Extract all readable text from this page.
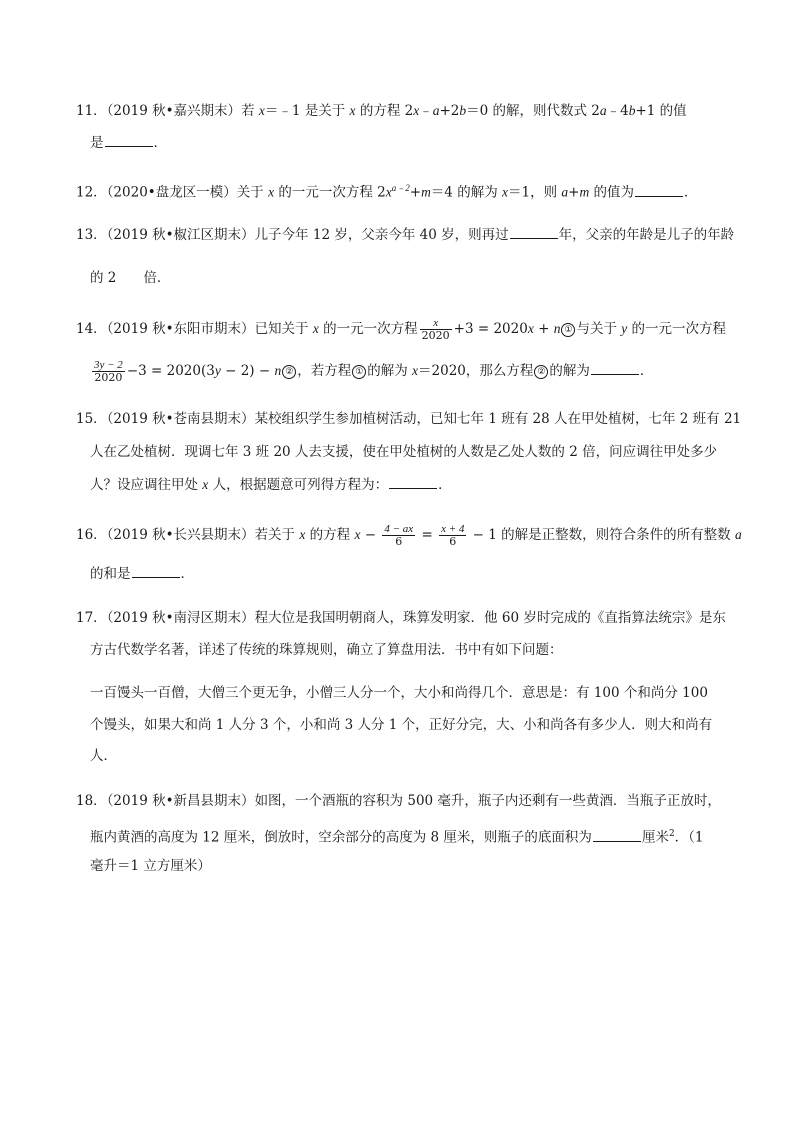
11．（2019 秋•嘉兴期末）若 x＝﹣1 是关于 x 的方程 2x﹣a+2b＝0 的解，则代数式 2a﹣4b+1 的值
是	．
12．（2020•盘龙区一模）关于 x 的一元一次方程 $2x^{a﹣2}+m=4$ 的解为 x＝1，则 a+m 的值为	．
13．（2019 秋•椒江区期末）儿子今年 12 岁，父亲今年 40 岁，则再过	年，父亲的年龄是儿子的年龄
的 2　　倍．
14．（2019 秋•东阳市期末）已知关于 x 的一元一次方程 $\frac{x}{2020} +3 = 2020x + n$ ① 与关于 y 的一元一次方程
$\frac{3y - 2}{2020} -3 = 2020(3y - 2) - n$ ② ，若方程 ① 的解为 x＝2020，那么方程 ② 的解为	．
15．（2019 秋•苍南县期末）某校组织学生参加植树活动，已知七年 1 班有 28 人在甲处植树，七年 2 班有 21
人在乙处植树．现调七年 3 班 20 人去支援，使在甲处植树的人数是乙处人数的 2 倍，问应调往甲处多少
人？设应调往甲处 x 人，根据题意可列得方程为：	．
16．（2019 秋•长兴县期末）若关于 x 的方程 $x - \frac{4 - ax}{6} = \frac{x + 4}{6} - 1$ 的解是正整数，则符合条件的所有整数 a
的和是	．
17．（2019 秋•南浔区期末）程大位是我国明朝商人，珠算发明家．他 60 岁时完成的《直指算法统宗》是东
方古代数学名著，详述了传统的珠算规则，确立了算盘用法．书中有如下问题：
一百馒头一百僧，大僧三个更无争，小僧三人分一个，大小和尚得几个．意思是：有 100 个和尚分 100
个馒头，如果大和尚 1 人分 3 个，小和尚 3 人分 1 个，正好分完，大、小和尚各有多少人．则大和尚有
人．
18．（2019 秋•新昌县期末）如图，一个酒瓶的容积为 500 毫升，瓶子内还剩有一些黄酒．当瓶子正放时，
瓶内黄酒的高度为 12 厘米，倒放时，空余部分的高度为 8 厘米，则瓶子的底面积为	厘米$^2$．（1
毫升＝1 立方厘米）
